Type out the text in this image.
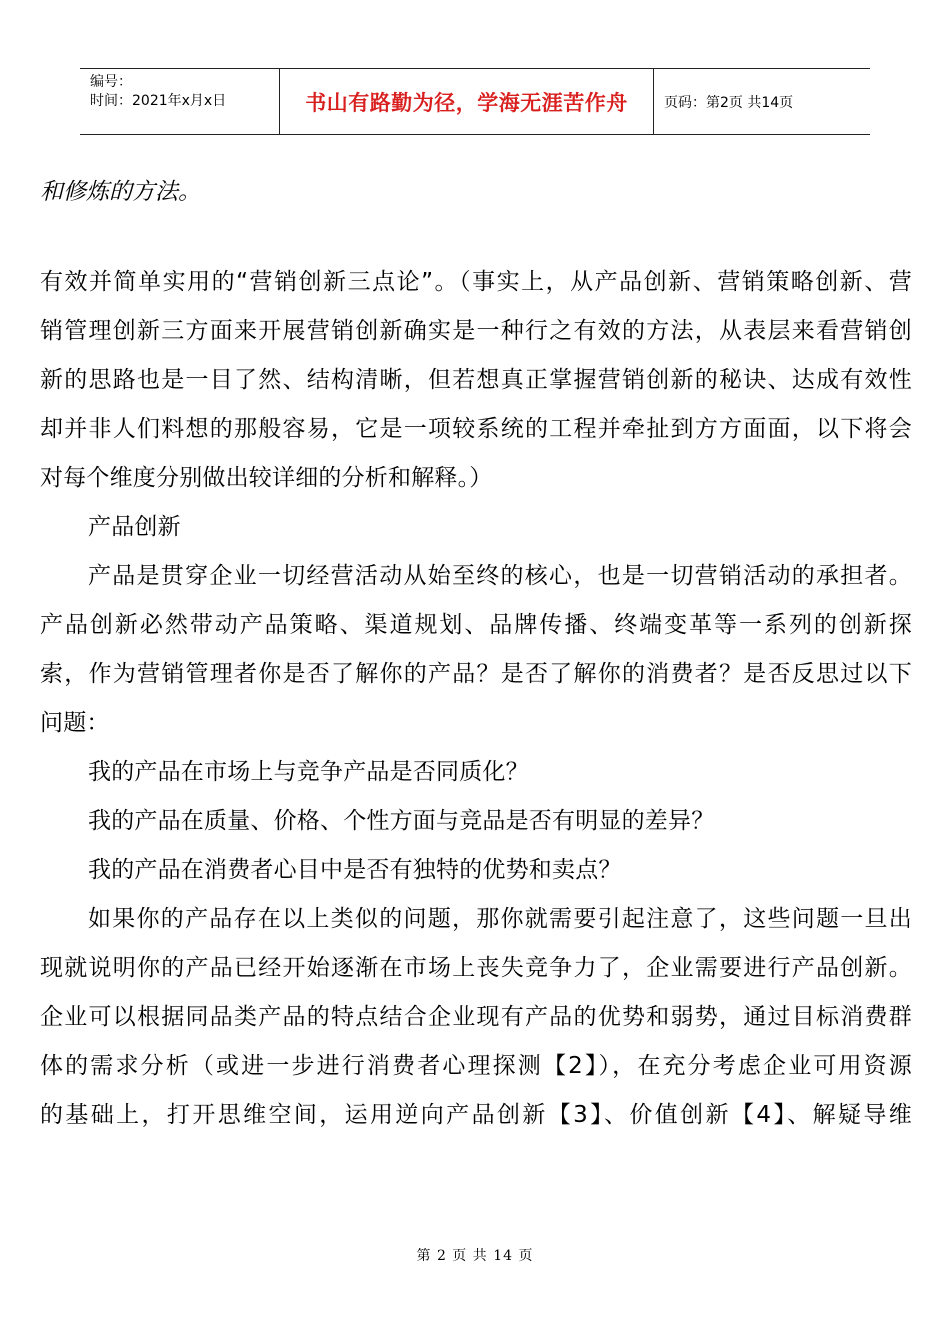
编号：
时间：2021年x月x日	书山有路勤为径，学海无涯苦作舟	页码：第2页 共14页
和修炼的方法。
有效并简单实用的“营销创新三点论”。（事实上，从产品创新、营销策略创新、营
销管理创新三方面来开展营销创新确实是一种行之有效的方法，从表层来看营销创
新的思路也是一目了然、结构清晰，但若想真正掌握营销创新的秘诀、达成有效性
却并非人们料想的那般容易，它是一项较系统的工程并牵扯到方方面面，以下将会
对每个维度分别做出较详细的分析和解释。）
产品创新
产品是贯穿企业一切经营活动从始至终的核心，也是一切营销活动的承担者。
产品创新必然带动产品策略、渠道规划、品牌传播、终端变革等一系列的创新探
索，作为营销管理者你是否了解你的产品？是否了解你的消费者？是否反思过以下
问题：
我的产品在市场上与竞争产品是否同质化？
我的产品在质量、价格、个性方面与竞品是否有明显的差异？
我的产品在消费者心目中是否有独特的优势和卖点？
如果你的产品存在以上类似的问题，那你就需要引起注意了，这些问题一旦出
现就说明你的产品已经开始逐渐在市场上丧失竞争力了，企业需要进行产品创新。
企业可以根据同品类产品的特点结合企业现有产品的优势和弱势，通过目标消费群
体的需求分析（或进一步进行消费者心理探测【2】），在充分考虑企业可用资源
的基础上，打开思维空间，运用逆向产品创新【3】、价值创新【4】、解疑导维
第 2 页 共 14 页
